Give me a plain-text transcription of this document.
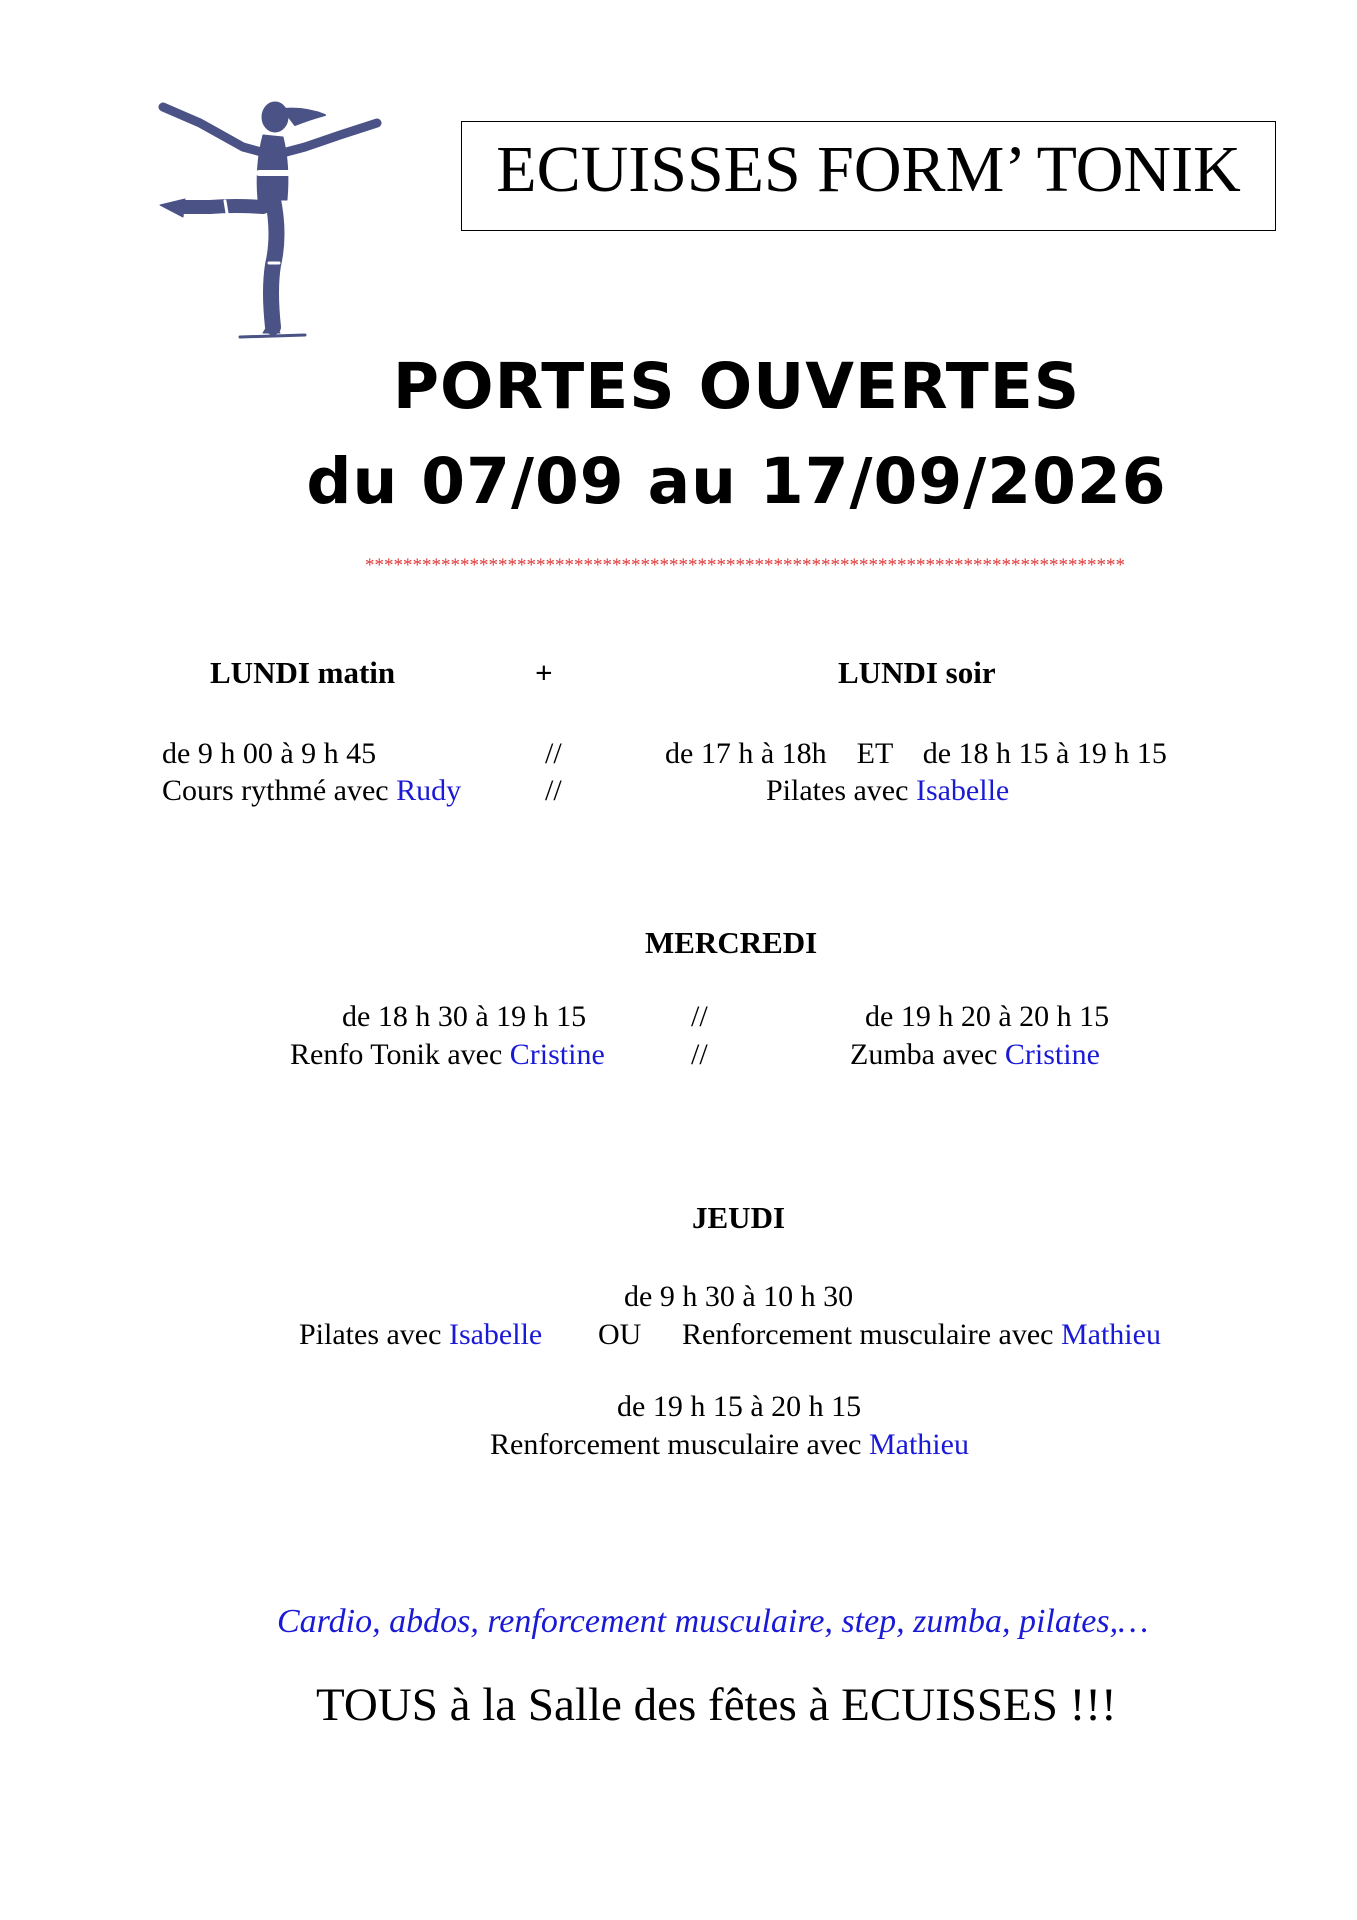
ECUISSES FORM’ TONIK
PORTES OUVERTES
du 07/09 au 17/09/2026
********************************************************************************
LUNDI matin	+	LUNDI soir
de 9 h 00 à 9 h 45
Cours rythmé avec Rudy
//
//
de 17 h à 18h    ET    de 18 h 15 à 19 h 15
Pilates avec Isabelle
MERCREDI
de 18 h 30 à 19 h 15
Renfo Tonik avec Cristine
//
//
de 19 h 20 à 20 h 15
Zumba avec Cristine
JEUDI
de 9 h 30 à 10 h 30
Pilates avec Isabelle OU Renforcement musculaire avec Mathieu
de 19 h 15 à 20 h 15
Renforcement musculaire avec Mathieu
Cardio, abdos, renforcement musculaire, step, zumba, pilates,…
TOUS à la Salle des fêtes à ECUISSES !!!
